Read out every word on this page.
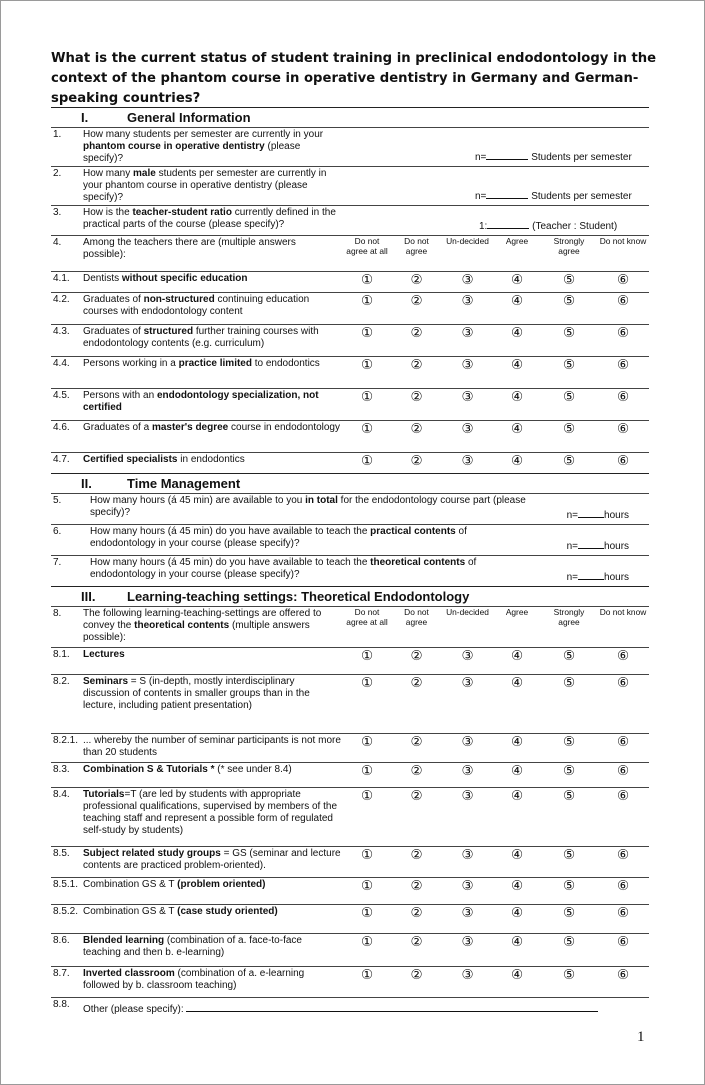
What is the current status of student training in preclinical endodontology in the context of the phantom course in operative dentistry in Germany and German-speaking countries?
I. General Information							
1.	How many students per semester are currently in your phantom course in operative dentistry (please specify)?	n= Students per semester					
2.	How many male students per semester are currently in your phantom course in operative dentistry (please specify)?	n= Students per semester					
3.	How is the teacher-student ratio currently defined in the practical parts of the course (please specify)?	1: (Teacher : Student)					
4.	Among the teachers there are (multiple answers possible):	Do not agree at all	Do not agree	Un-decided	Agree	Strongly agree	Do not know
4.1.	Dentists without specific education	①	②	③	④	⑤	⑥
4.2.	Graduates of non-structured continuing education courses with endodontology content	①	②	③	④	⑤	⑥
4.3.	Graduates of structured further training courses with endodontology contents (e.g. curriculum)	①	②	③	④	⑤	⑥
4.4.	Persons working in a practice limited to endodontics	①	②	③	④	⑤	⑥
4.5.	Persons with an endodontology specialization, not certified	①	②	③	④	⑤	⑥
4.6.	Graduates of a master's degree course in endodontology	①	②	③	④	⑤	⑥
4.7.	Certified specialists in endodontics	①	②	③	④	⑤	⑥
II. Time Management							
5.	How many hours (á 45 min) are available to you in total for the endodontology course part (please specify)? n= hours						

6.	How many hours (á 45 min) do you have available to teach the practical contents of endodontology in your course (please specify)? n= hours						

7.	How many hours (á 45 min) do you have available to teach the theoretical contents of endodontology in your course (please specify)? n= hours						

III. Learning-teaching settings: Theoretical Endodontology							
8.	The following learning-teaching-settings are offered to convey the theoretical contents (multiple answers possible):	Do not agree at all	Do not agree	Un-decided	Agree	Strongly agree	Do not know
8.1.	Lectures	①	②	③	④	⑤	⑥
8.2.	Seminars = S (in-depth, mostly interdisciplinary discussion of contents in smaller groups than in the lecture, including patient presentation)	①	②	③	④	⑤	⑥
8.2.1.	... whereby the number of seminar participants is not more than 20 students	①	②	③	④	⑤	⑥
8.3.	Combination S & Tutorials * (* see under 8.4)	①	②	③	④	⑤	⑥
8.4.	Tutorials=T (are led by students with appropriate professional qualifications, supervised by members of the teaching staff and represent a possible form of regulated self-study by students)	①	②	③	④	⑤	⑥
8.5.	Subject related study groups = GS (seminar and lecture contents are practiced problem-oriented).	①	②	③	④	⑤	⑥
8.5.1.	Combination GS & T (problem oriented)	①	②	③	④	⑤	⑥
8.5.2.	Combination GS & T (case study oriented)	①	②	③	④	⑤	⑥
8.6.	Blended learning (combination of a. face-to-face teaching and then b. e-learning)	①	②	③	④	⑤	⑥
8.7.	Inverted classroom (combination of a. e-learning followed by b. classroom teaching)	①	②	③	④	⑤	⑥
8.8.	Other (please specify):						
1
